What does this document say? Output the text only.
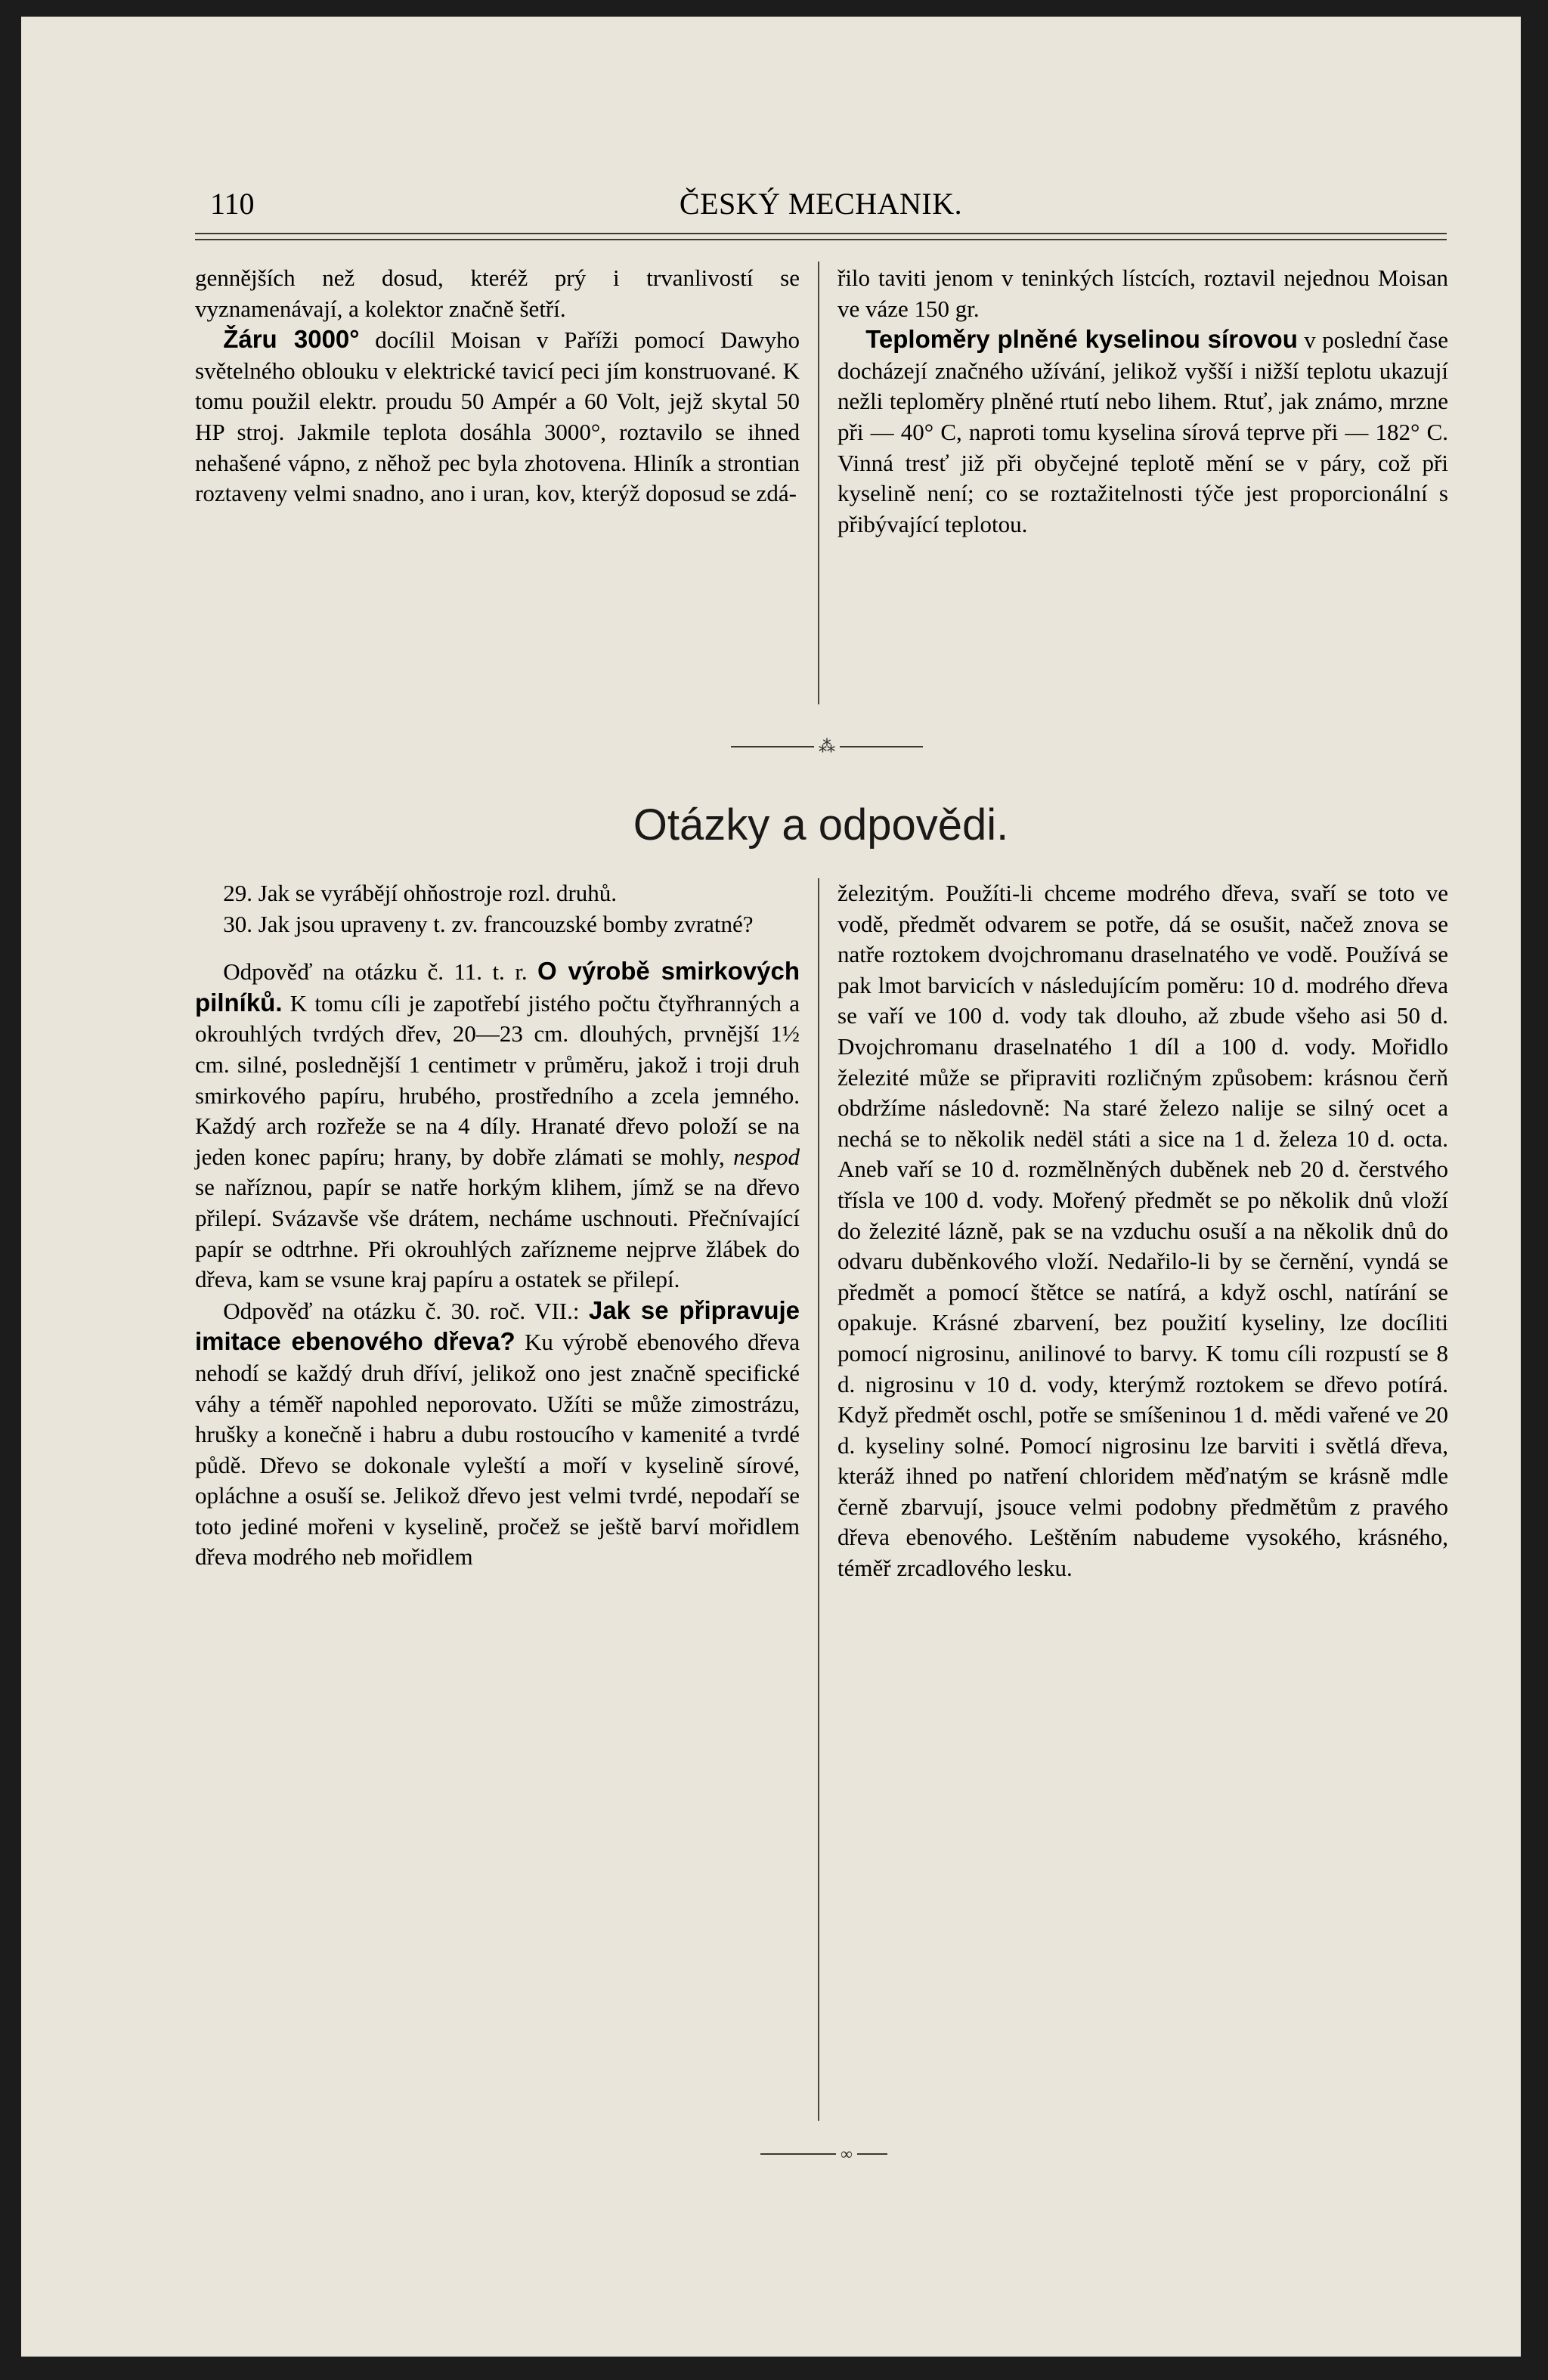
110	ČESKÝ MECHANIK.

gennějších než dosud, kteréž prý i trvanlivostí se vyznamenávají, a kolektor značně šetří.

Žáru 3000° docílil Moisan v Paříži pomocí Dawyho světelného oblouku v elektrické tavicí peci jím konstruované. K tomu použil elektr. proudu 50 Ampér a 60 Volt, jejž skytal 50 HP stroj. Jakmile teplota dosáhla 3000°, roztavilo se ihned nehašené vápno, z něhož pec byla zhotovena. Hliník a strontian roztaveny velmi snadno, ano i uran, kov, kterýž doposud se zdá-

řilo taviti jenom v teninkých lístcích, roztavil nejednou Moisan ve váze 150 gr.

Teploměry plněné kyselinou sírovou v poslední čase docházejí značného užívání, jelikož vyšší i nižší teplotu ukazují nežli teploměry plněné rtutí nebo lihem. Rtuť, jak známo, mrzne při — 40° C, naproti tomu kyselina sírová teprve při — 182° C. Vinná tresť již při obyčejné teplotě mění se v páry, což při kyselině není; co se roztažitelnosti týče jest proporcionální s přibývající teplotou.

⁂
Otázky a odpovědi.

29. Jak se vyrábějí ohňostroje rozl. druhů.

30. Jak jsou upraveny t. zv. francouzské bomby zvratné?

Odpověď na otázku č. 11. t. r. O výrobě smirkových pilníků. K tomu cíli je zapotřebí jistého počtu čtyřhranných a okrouhlých tvrdých dřev, 20—23 cm. dlouhých, prvnější 1½ cm. silné, poslednější 1 centimetr v průměru, jakož i troji druh smirkového papíru, hrubého, prostředního a zcela jemného. Každý arch rozřeže se na 4 díly. Hranaté dřevo položí se na jeden konec papíru; hrany, by dobře zlámati se mohly, nespod se naříznou, papír se natře horkým klihem, jímž se na dřevo přilepí. Svázavše vše drátem, necháme uschnouti. Přečnívající papír se odtrhne. Při okrouhlých zařízneme nejprve žlábek do dřeva, kam se vsune kraj papíru a ostatek se přilepí.

Odpověď na otázku č. 30. roč. VII.: Jak se připravuje imitace ebenového dřeva? Ku výrobě ebenového dřeva nehodí se každý druh dříví, jelikož ono jest značně specifické váhy a téměř napohled neporovato. Užíti se může zimostrázu, hrušky a konečně i habru a dubu rostoucího v kamenité a tvrdé půdě. Dřevo se dokonale vyleští a moří v kyselině sírové, opláchne a osuší se. Jelikož dřevo jest velmi tvrdé, nepodaří se toto jediné mořeni v kyselině, pročež se ještě barví mořidlem dřeva modrého neb mořidlem

železitým. Použíti-li chceme modrého dřeva, svaří se toto ve vodě, předmět odvarem se potře, dá se osušit, načež znova se natře roztokem dvojchromanu draselnatého ve vodě. Používá se pak lmot barvicích v následujícím poměru: 10 d. modrého dřeva se vaří ve 100 d. vody tak dlouho, až zbude všeho asi 50 d. Dvojchromanu draselnatého 1 díl a 100 d. vody. Mořidlo železité může se připraviti rozličným způsobem: krásnou čerň obdržíme následovně: Na staré železo nalije se silný ocet a nechá se to několik nedël státi a sice na 1 d. železa 10 d. octa. Aneb vaří se 10 d. rozmělněných duběnek neb 20 d. čerstvého třísla ve 100 d. vody. Mořený předmět se po několik dnů vloží do železité lázně, pak se na vzduchu osuší a na několik dnů do odvaru duběnkového vloží. Nedařilo-li by se černění, vyndá se předmět a pomocí štětce se natírá, a když oschl, natírání se opakuje. Krásné zbarvení, bez použití kyseliny, lze docíliti pomocí nigrosinu, anilinové to barvy. K tomu cíli rozpustí se 8 d. nigrosinu v 10 d. vody, kterýmž roztokem se dřevo potírá. Když předmět oschl, potře se smíšeninou 1 d. mědi vařené ve 20 d. kyseliny solné. Pomocí nigrosinu lze barviti i světlá dřeva, kteráž ihned po natření chloridem měďnatým se krásně mdle černě zbarvují, jsouce velmi podobny předmětům z pravého dřeva ebenového. Leštěním nabudeme vysokého, krásného, téměř zrcadlového lesku.

∞
